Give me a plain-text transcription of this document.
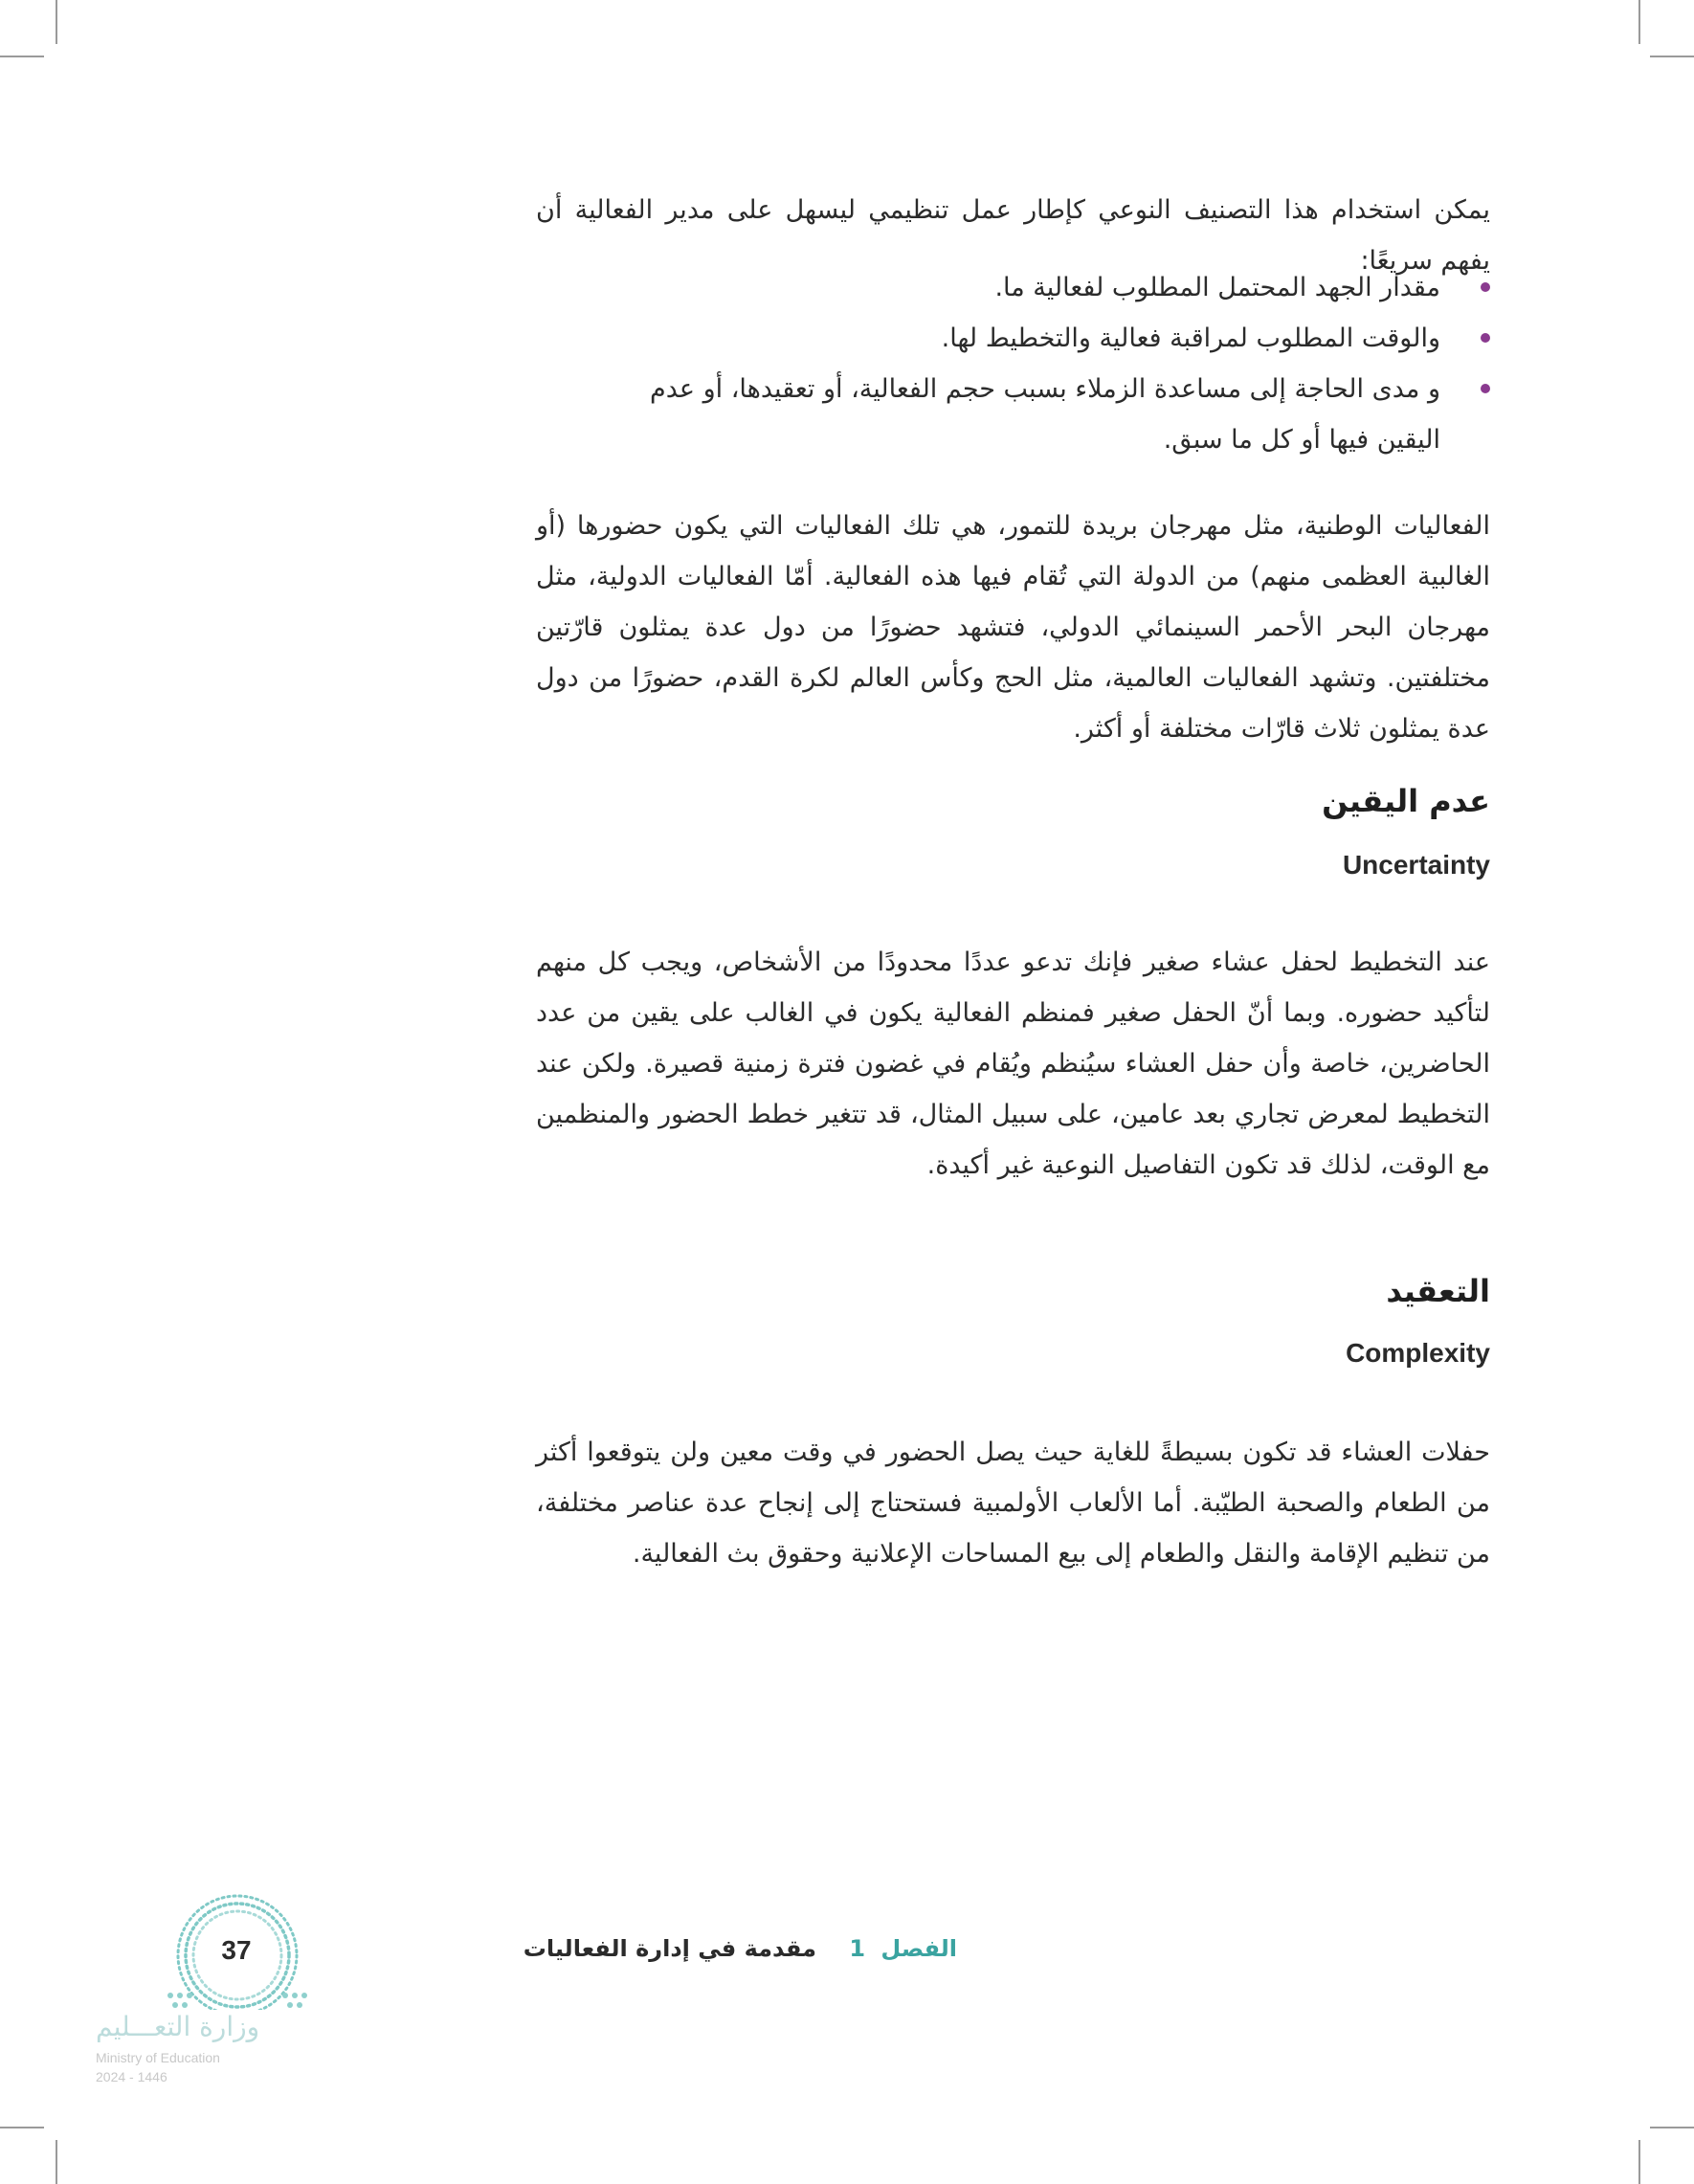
يمكن استخدام هذا التصنيف النوعي كإطار عمل تنظيمي ليسهل على مدير الفعالية أن يفهم سريعًا:

مقدار الجهد المحتمل المطلوب لفعالية ما.
والوقت المطلوب لمراقبة فعالية والتخطيط لها.
و مدى الحاجة إلى مساعدة الزملاء بسبب حجم الفعالية، أو تعقيدها، أو عدم اليقين فيها أو كل ما سبق.

الفعاليات الوطنية، مثل مهرجان بريدة للتمور، هي تلك الفعاليات التي يكون حضورها (أو الغالبية العظمى منهم) من الدولة التي تُقام فيها هذه الفعالية. أمّا الفعاليات الدولية، مثل مهرجان البحر الأحمر السينمائي الدولي، فتشهد حضورًا من دول عدة يمثلون قارّتين مختلفتين. وتشهد الفعاليات العالمية، مثل الحج وكأس العالم لكرة القدم، حضورًا من دول عدة يمثلون ثلاث قارّات مختلفة أو أكثر.

عدم اليقين
Uncertainty

عند التخطيط لحفل عشاء صغير فإنك تدعو عددًا محدودًا من الأشخاص، ويجب كل منهم لتأكيد حضوره. وبما أنّ الحفل صغير فمنظم الفعالية يكون في الغالب على يقين من عدد الحاضرين، خاصة وأن حفل العشاء سيُنظم ويُقام في غضون فترة زمنية قصيرة. ولكن عند التخطيط لمعرض تجاري بعد عامين، على سبيل المثال، قد تتغير خطط الحضور والمنظمين مع الوقت، لذلك قد تكون التفاصيل النوعية غير أكيدة.

التعقيد
Complexity

حفلات العشاء قد تكون بسيطةً للغاية حيث يصل الحضور في وقت معين ولن يتوقعوا أكثر من الطعام والصحبة الطيّبة. أما الألعاب الأولمبية فستحتاج إلى إنجاح عدة عناصر مختلفة، من تنظيم الإقامة والنقل والطعام إلى بيع المساحات الإعلانية وحقوق بث الفعالية.

الفصل 1 مقدمة في إدارة الفعاليات
37
وزارة التعـــليم
Ministry of Education
2024 - 1446
